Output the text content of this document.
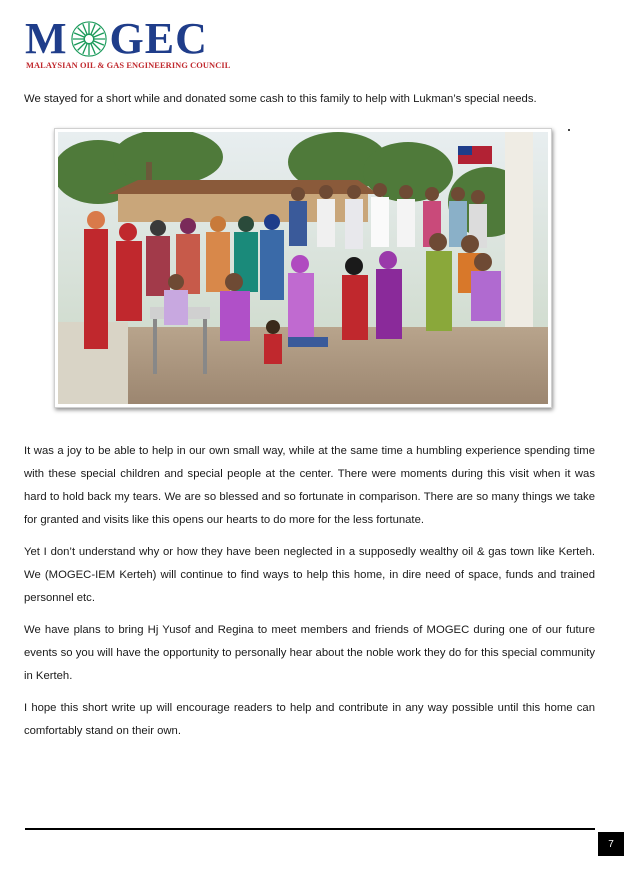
M GEC
MALAYSIAN OIL & GAS ENGINEERING COUNCIL

We stayed for a short while and donated some cash to this family to help with Lukman’s special needs.

It was a joy to be able to help in our own small way, while at the same time a humbling experience spending time with these special children and special people at the center. There were moments during this visit when it was hard to hold back my tears. We are so blessed and so fortunate in comparison. There are so many things we take for granted and visits like this opens our hearts to do more for the less fortunate.

Yet I don’t understand why or how they have been neglected in a supposedly wealthy oil & gas town like Kerteh. We (MOGEC-IEM Kerteh) will continue to find ways to help this home, in dire need of space, funds and trained personnel etc.

We have plans to bring Hj Yusof and Regina to meet members and friends of MOGEC during one of our future events so you will have the opportunity to personally hear about the noble work they do for this special community in Kerteh.

I hope this short write up will encourage readers to help and contribute in any way possible until this home can comfortably stand on their own.

7
